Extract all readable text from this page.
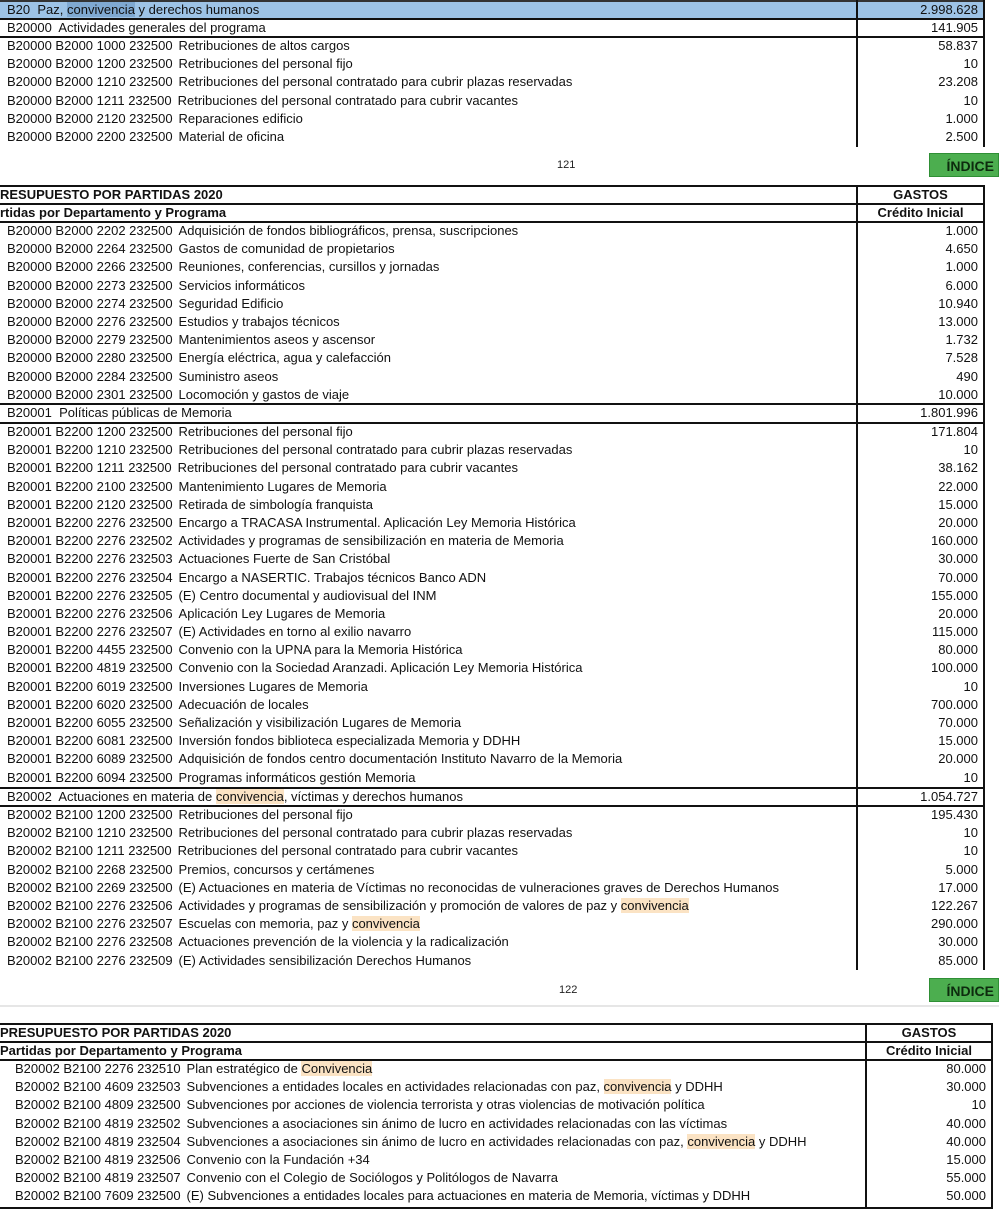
B20 Paz, convivencia y derechos humanos	2.998.628
B20000 Actividades generales del programa	141.905
B20000 B2000 1000 232500 Retribuciones de altos cargos	58.837
B20000 B2000 1200 232500 Retribuciones del personal fijo	10
B20000 B2000 1210 232500 Retribuciones del personal contratado para cubrir plazas reservadas	23.208
B20000 B2000 1211 232500 Retribuciones del personal contratado para cubrir vacantes	10
B20000 B2000 2120 232500 Reparaciones edificio	1.000
B20000 B2000 2200 232500 Material de oficina	2.500
121	ÍNDICE
RESUPUESTO POR PARTIDAS 2020	GASTOS
rtidas por Departamento y Programa	Crédito Inicial
B20000 B2000 2202 232500 Adquisición de fondos bibliográficos, prensa, suscripciones	1.000
B20000 B2000 2264 232500 Gastos de comunidad de propietarios	4.650
B20000 B2000 2266 232500 Reuniones, conferencias, cursillos y jornadas	1.000
B20000 B2000 2273 232500 Servicios informáticos	6.000
B20000 B2000 2274 232500 Seguridad Edificio	10.940
B20000 B2000 2276 232500 Estudios y trabajos técnicos	13.000
B20000 B2000 2279 232500 Mantenimientos aseos y ascensor	1.732
B20000 B2000 2280 232500 Energía eléctrica, agua y calefacción	7.528
B20000 B2000 2284 232500 Suministro aseos	490
B20000 B2000 2301 232500 Locomoción y gastos de viaje	10.000
B20001 Políticas públicas de Memoria	1.801.996
B20001 B2200 1200 232500 Retribuciones del personal fijo	171.804
B20001 B2200 1210 232500 Retribuciones del personal contratado para cubrir plazas reservadas	10
B20001 B2200 1211 232500 Retribuciones del personal contratado para cubrir vacantes	38.162
B20001 B2200 2100 232500 Mantenimiento Lugares de Memoria	22.000
B20001 B2200 2120 232500 Retirada de simbología franquista	15.000
B20001 B2200 2276 232500 Encargo a TRACASA Instrumental. Aplicación Ley Memoria Histórica	20.000
B20001 B2200 2276 232502 Actividades y programas de sensibilización en materia de Memoria	160.000
B20001 B2200 2276 232503 Actuaciones Fuerte de San Cristóbal	30.000
B20001 B2200 2276 232504 Encargo a NASERTIC. Trabajos técnicos Banco ADN	70.000
B20001 B2200 2276 232505 (E) Centro documental y audiovisual del INM	155.000
B20001 B2200 2276 232506 Aplicación Ley Lugares de Memoria	20.000
B20001 B2200 2276 232507 (E) Actividades en torno al exilio navarro	115.000
B20001 B2200 4455 232500 Convenio con la UPNA para la Memoria Histórica	80.000
B20001 B2200 4819 232500 Convenio con la Sociedad Aranzadi. Aplicación Ley Memoria Histórica	100.000
B20001 B2200 6019 232500 Inversiones Lugares de Memoria	10
B20001 B2200 6020 232500 Adecuación de locales	700.000
B20001 B2200 6055 232500 Señalización y visibilización Lugares de Memoria	70.000
B20001 B2200 6081 232500 Inversión fondos biblioteca especializada Memoria y DDHH	15.000
B20001 B2200 6089 232500 Adquisición de fondos centro documentación Instituto Navarro de la Memoria	20.000
B20001 B2200 6094 232500 Programas informáticos gestión Memoria	10
B20002 Actuaciones en materia de convivencia, víctimas y derechos humanos	1.054.727
B20002 B2100 1200 232500 Retribuciones del personal fijo	195.430
B20002 B2100 1210 232500 Retribuciones del personal contratado para cubrir plazas reservadas	10
B20002 B2100 1211 232500 Retribuciones del personal contratado para cubrir vacantes	10
B20002 B2100 2268 232500 Premios, concursos y certámenes	5.000
B20002 B2100 2269 232500 (E) Actuaciones en materia de Víctimas no reconocidas de vulneraciones graves de Derechos Humanos	17.000
B20002 B2100 2276 232506 Actividades y programas de sensibilización y promoción de valores de paz y convivencia	122.267
B20002 B2100 2276 232507 Escuelas con memoria, paz y convivencia	290.000
B20002 B2100 2276 232508 Actuaciones prevención de la violencia y la radicalización	30.000
B20002 B2100 2276 232509 (E) Actividades sensibilización Derechos Humanos	85.000
122	ÍNDICE
PRESUPUESTO POR PARTIDAS 2020	GASTOS
Partidas por Departamento y Programa	Crédito Inicial
B20002 B2100 2276 232510 Plan estratégico de Convivencia	80.000
B20002 B2100 4609 232503 Subvenciones a entidades locales en actividades relacionadas con paz, convivencia y DDHH	30.000
B20002 B2100 4809 232500 Subvenciones por acciones de violencia terrorista y otras violencias de motivación política	10
B20002 B2100 4819 232502 Subvenciones a asociaciones sin ánimo de lucro en actividades relacionadas con las víctimas	40.000
B20002 B2100 4819 232504 Subvenciones a asociaciones sin ánimo de lucro en actividades relacionadas con paz, convivencia y DDHH	40.000
B20002 B2100 4819 232506 Convenio con la Fundación +34	15.000
B20002 B2100 4819 232507 Convenio con el Colegio de Sociólogos y Politólogos de Navarra	55.000
B20002 B2100 7609 232500 (E) Subvenciones a entidades locales para actuaciones en materia de Memoria, víctimas y DDHH	50.000
